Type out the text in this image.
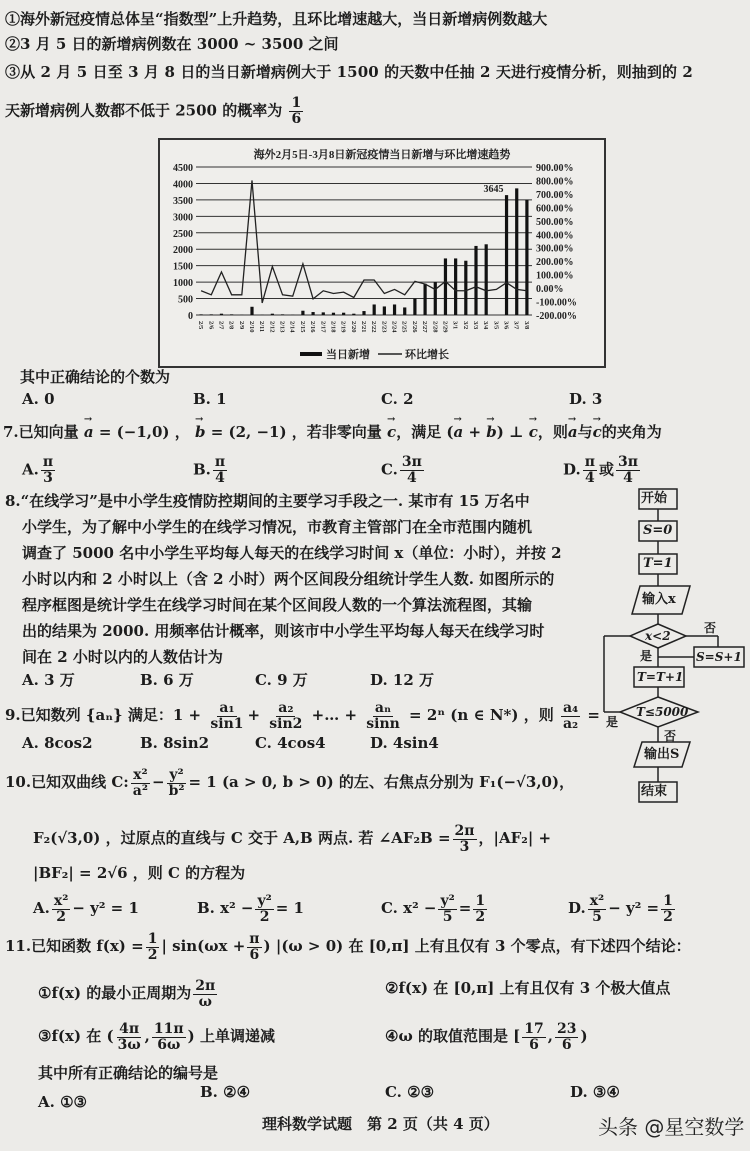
①海外新冠疫情总体呈“指数型”上升趋势，且环比增速越大，当日新增病例数越大
②3 月 5 日的新增病例数在 3000 ~ 3500 之间
③从 2 月 5 日至 3 月 8 日的当日新增病例大于 1500 的天数中任抽 2 天进行疫情分析，则抽到的 2
天新增病例人数都不低于 2500 的概率为 $\frac{1}{6}$
海外2月5日-3月8日新冠疫情当日新增与环比增速趋势
0
500
1000
1500
2000
2500
3000
3500
4000
4500
-200.00%
-100.00%
0.00%
100.00%
200.00%
300.00%
400.00%
500.00%
600.00%
700.00%
800.00%
900.00%
2/5 2/6 2/7 2/8 2/9 2/10 2/11 2/12 2/13 2/14 2/15 2/16 2/17 2/18 2/19 2/20 2/21 2/22 2/23 2/24 2/25 2/26 2/27 2/28 2/29 3/1 3/2 3/3 3/4 3/5 3/6 3/7 3/8
3645
当日新增	环比增长
其中正确结论的个数为
A. 0	B. 1	C. 2	D. 3
7.已知向量 → a = (−1,0) ， → b = (2, −1) ，若非零向量 → c，满足 (→ a + → b) ⊥ → c，则→ a与→ c的夹角为
A. $\frac{\pi}{3}$	B. $\frac{\pi}{4}$	C. $\frac{3\pi}{4}$	D. $\frac{\pi}{4}$ 或 $\frac{3\pi}{4}$
8.“在线学习”是中小学生疫情防控期间的主要学习手段之一. 某市有 15 万名中
小学生，为了解中小学生的在线学习情况，市教育主管部门在全市范围内随机
调查了 5000 名中小学生平均每人每天的在线学习时间 x（单位：小时），并按 2
小时以内和 2 小时以上（含 2 小时）两个区间段分组统计学生人数. 如图所示的
程序框图是统计学生在线学习时间在某个区间段人数的一个算法流程图，其输
出的结果为 2000. 用频率估计概率，则该市中小学生平均每人每天在线学习时
间在 2 小时以内的人数估计为
A. 3 万	B. 6 万	C. 9 万	D. 12 万
开始
S=0
T=1
输入x
x<2
否
是	S=S+1
T=T+1
T≤5000
是
否
输出S
结束
9.已知数列 {aₙ} 满足：$1 + \frac{\text{a₁}}{\sin 1} + \frac{\text{a₂}}{\sin 2}$ +… + $\frac{\text{aₙ}}{\sin n} = 2^n$ (n ∈ N*) ，则 $\frac{\text{a₄}}{\text{a₂}}$ =
A. 8cos2	B. 8sin2	C. 4cos4	D. 4sin4
10.已知双曲线 C: $\frac{\text{x²}}{\text{a²}} - \frac{\text{y²}}{\text{b²}} = 1$ (a > 0, b > 0) 的左、右焦点分别为 F₁(−√3,0)，
F₂(√3,0) ，过原点的直线与 C 交于 A,B 两点. 若 ∠AF₂B = $\frac{2\pi}{3}$ ，|AF₂| +
|BF₂| = 2√6 ，则 C 的方程为
A. $\frac{\text{x²}}{2} - y^2 = 1$	B. $x^2 - \frac{\text{y²}}{2} = 1$	C. $x^2 - \frac{\text{y²}}{5} = \frac{1}{2}$	D. $\frac{\text{x²}}{5} - y^2 = \frac{1}{2}$
11.已知函数 $f(x) = \frac{1}{2}$ | $\sin(\omega x + \frac{\pi}{6}$ ) |(ω > 0) 在 [0,π] 上有且仅有 3 个零点，有下述四个结论：
①f(x) 的最小正周期为 $\frac{2\pi}{\omega}$	②f(x) 在 [0,π] 上有且仅有 3 个极大值点
③f(x) 在 ( $\frac{4\pi}{3\omega}$ , $\frac{11\pi}{6\omega}$ ) 上单调递减	④ω 的取值范围是 [ $\frac{17}{6}$ , $\frac{23}{6}$ )
其中所有正确结论的编号是
A. ①③
B. ②④	C. ②③	D. ③④
理科数学试题　第 2 页（共 4 页）	头条 @星空数学
